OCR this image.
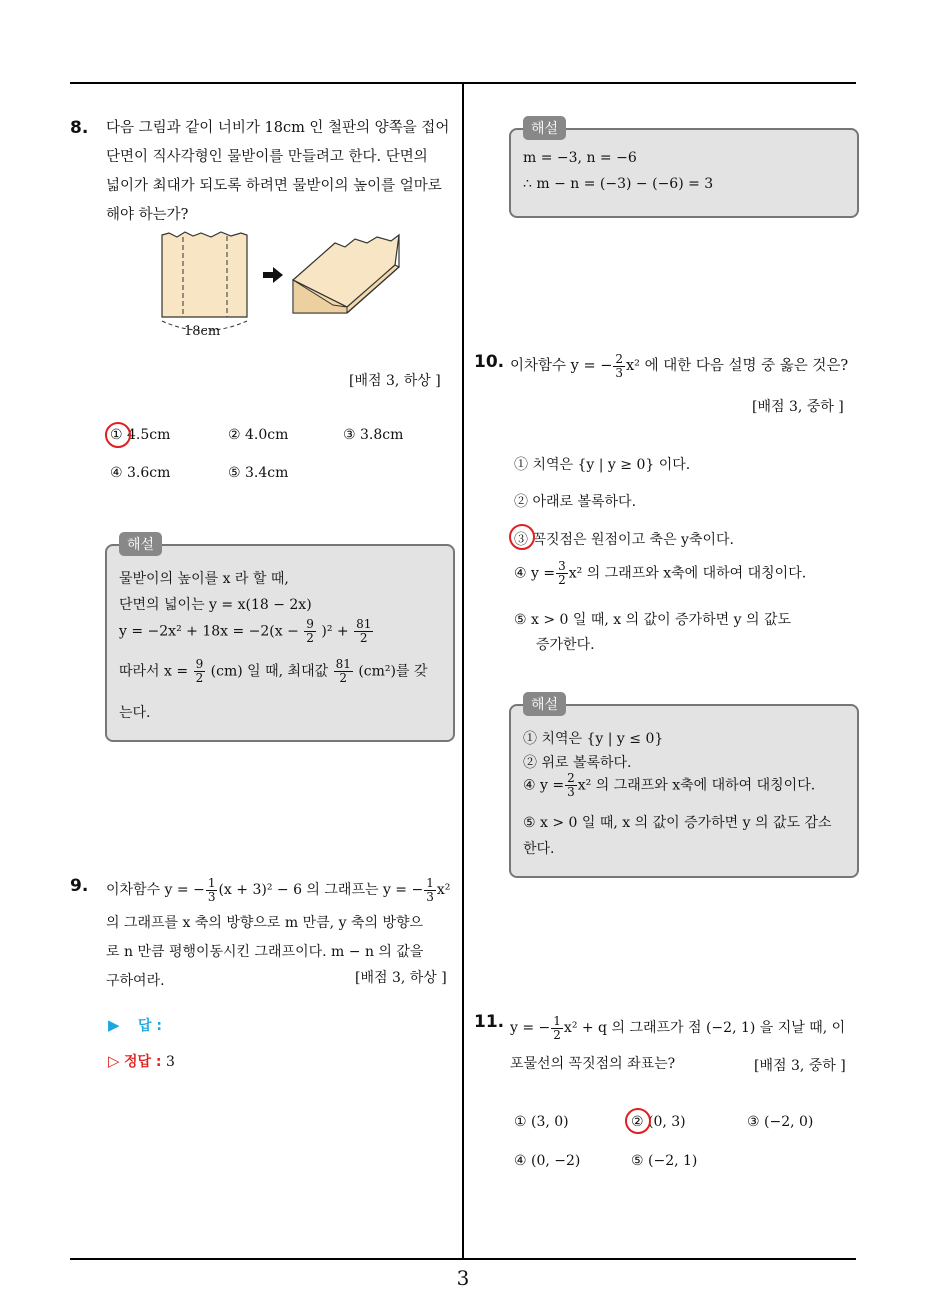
3
8. 다음 그림과 같이 너비가 18cm 인 철판의 양쪽을 접어
단면이 직사각형인 물받이를 만들려고 한다. 단면의
넓이가 최대가 되도록 하려면 물받이의 높이를 얼마로
해야 하는가?
18cm
[배점 3, 하상 ]
① 4.5cm	② 4.0cm	③ 3.8cm
④ 3.6cm	⑤ 3.4cm
해설
물받이의 높이를 x 라 할 때,
단면의 넓이는 y = x(18 − 2x)
$y = -2x^2 + 18x = -2(x - \frac{9}{2} )^2 + \frac{81}{2}$
따라서 $x = \frac{9}{2} (cm)$ 일 때, 최대값 $\frac{81}{2} (cm^2)$를 갖
는다.
9. 이차함수 y = − $\frac{1}{3} (x + 3)^2 - 6$ 의 그래프는 y = − $\frac{1}{3} x^2$
의 그래프를 x 축의 방향으로 m 만큼, y 축의 방향으
로 n 만큼 평행이동시킨 그래프이다. m − n 의 값을
구하여라.	[배점 3, 하상 ]
▶ 답 :
▷ 정답 : 3
해설
m = −3, n = −6
∴ m − n = (−3) − (−6) = 3
10. 이차함수 y = − $\frac{2}{3} x^2$ 에 대한 다음 설명 중 옳은 것은?
[배점 3, 중하 ]
① 치역은 {y | y ≥ 0} 이다.
② 아래로 볼록하다.
③ 꼭짓점은 원점이고 축은 y축이다.
④ $y = \frac{3}{2} x^2$ 의 그래프와 x축에 대하여 대칭이다.
⑤ x > 0 일 때, x 의 값이 증가하면 y 의 값도
증가한다.
해설
① 치역은 {y | y ≤ 0}
② 위로 볼록하다.
④ $y = \frac{2}{3} x^2$ 의 그래프와 x축에 대하여 대칭이다.
⑤ x > 0 일 때, x 의 값이 증가하면 y 의 값도 감소
한다.
11. y = − $\frac{1}{2} x^2 + q$ 의 그래프가 점 (−2, 1) 을 지날 때, 이
포물선의 꼭짓점의 좌표는?	[배점 3, 중하 ]
① (3, 0)	② (0, 3)	③ (−2, 0)
④ (0, −2)	⑤ (−2, 1)
